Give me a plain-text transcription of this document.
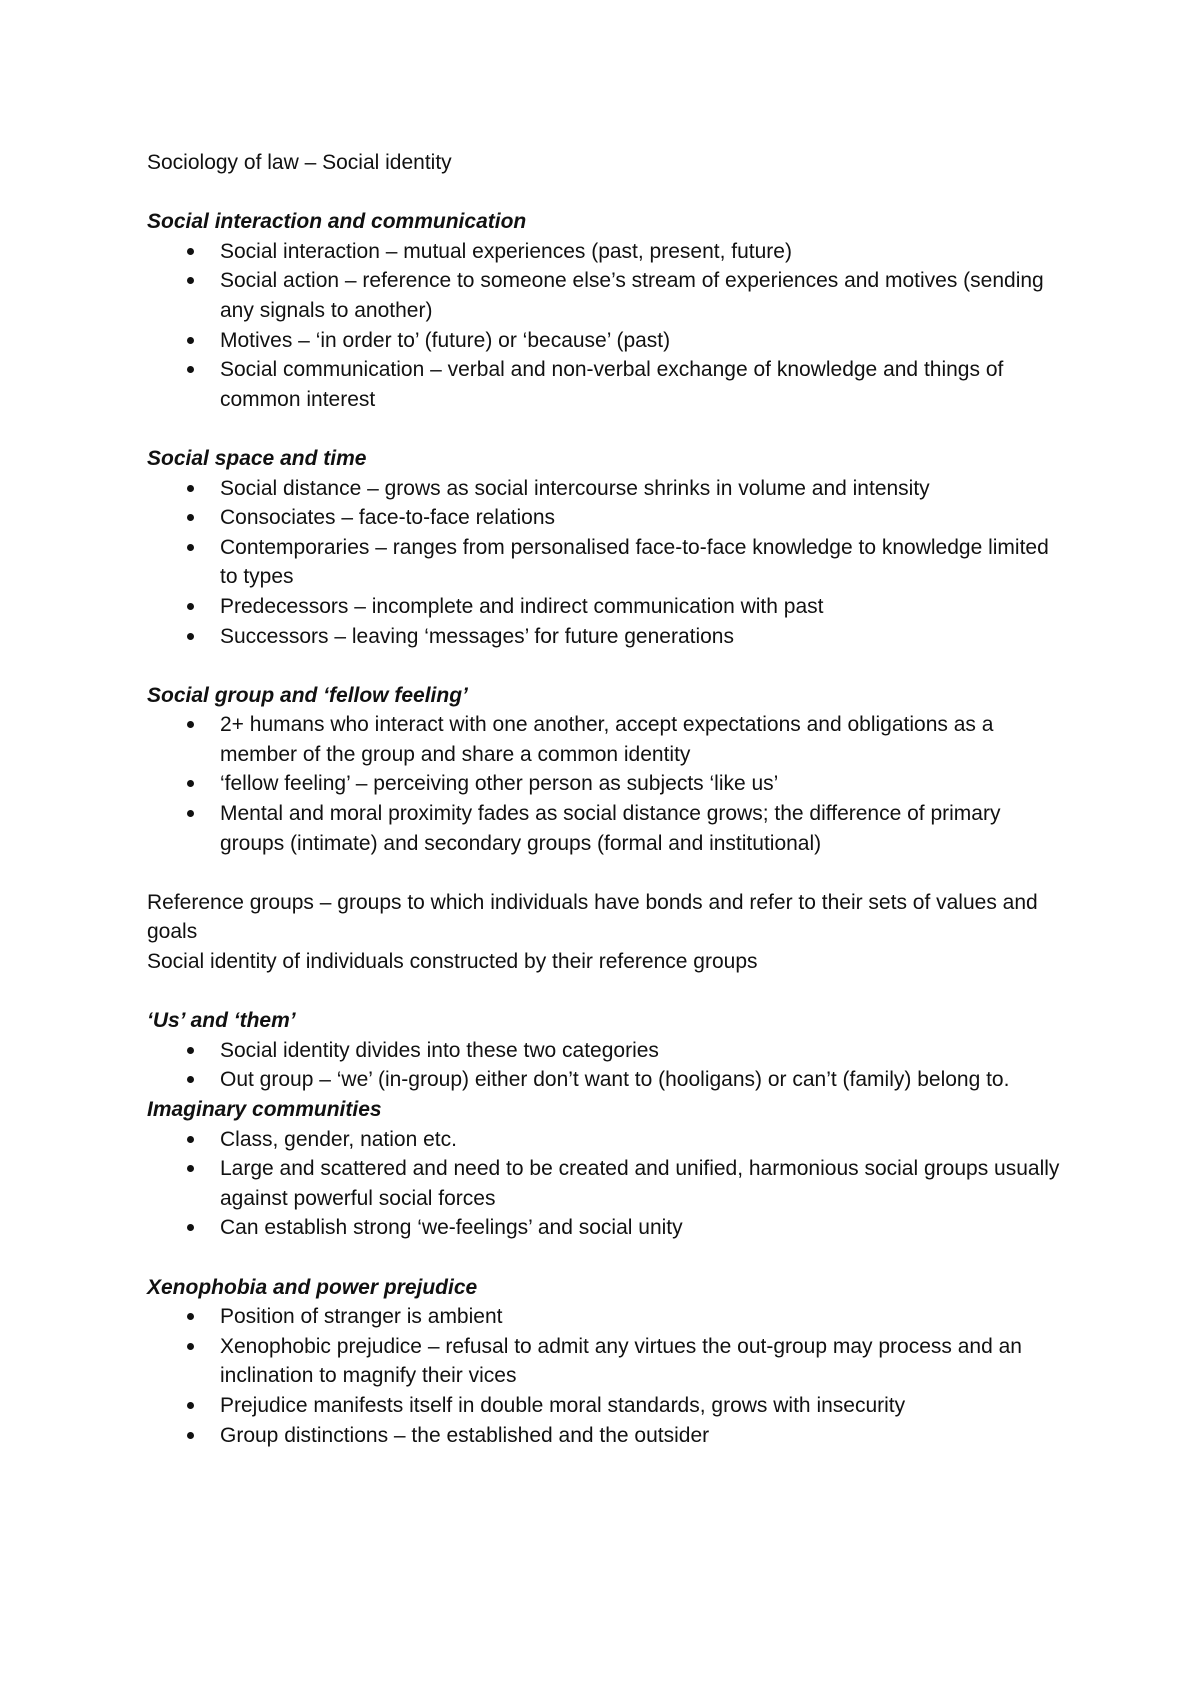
Sociology of law – Social identity

Social interaction and communication

Social interaction – mutual experiences (past, present, future)
Social action – reference to someone else’s stream of experiences and motives (sending any signals to another)
Motives – ‘in order to’ (future) or ‘because’ (past)
Social communication – verbal and non-verbal exchange of knowledge and things of common interest

Social space and time

Social distance – grows as social intercourse shrinks in volume and intensity
Consociates – face-to-face relations
Contemporaries – ranges from personalised face-to-face knowledge to knowledge limited to types
Predecessors – incomplete and indirect communication with past
Successors – leaving ‘messages’ for future generations

Social group and ‘fellow feeling’

2+ humans who interact with one another, accept expectations and obligations as a member of the group and share a common identity
‘fellow feeling’ – perceiving other person as subjects ‘like us’
Mental and moral proximity fades as social distance grows; the difference of primary groups (intimate) and secondary groups (formal and institutional)

Reference groups – groups to which individuals have bonds and refer to their sets of values and goals

Social identity of individuals constructed by their reference groups

‘Us’ and ‘them’

Social identity divides into these two categories
Out group – ‘we’ (in-group) either don’t want to (hooligans) or can’t (family) belong to.

Imaginary communities

Class, gender, nation etc.
Large and scattered and need to be created and unified, harmonious social groups usually against powerful social forces
Can establish strong ‘we-feelings’ and social unity

Xenophobia and power prejudice

Position of stranger is ambient
Xenophobic prejudice – refusal to admit any virtues the out-group may process and an inclination to magnify their vices
Prejudice manifests itself in double moral standards, grows with insecurity
Group distinctions – the established and the outsider
